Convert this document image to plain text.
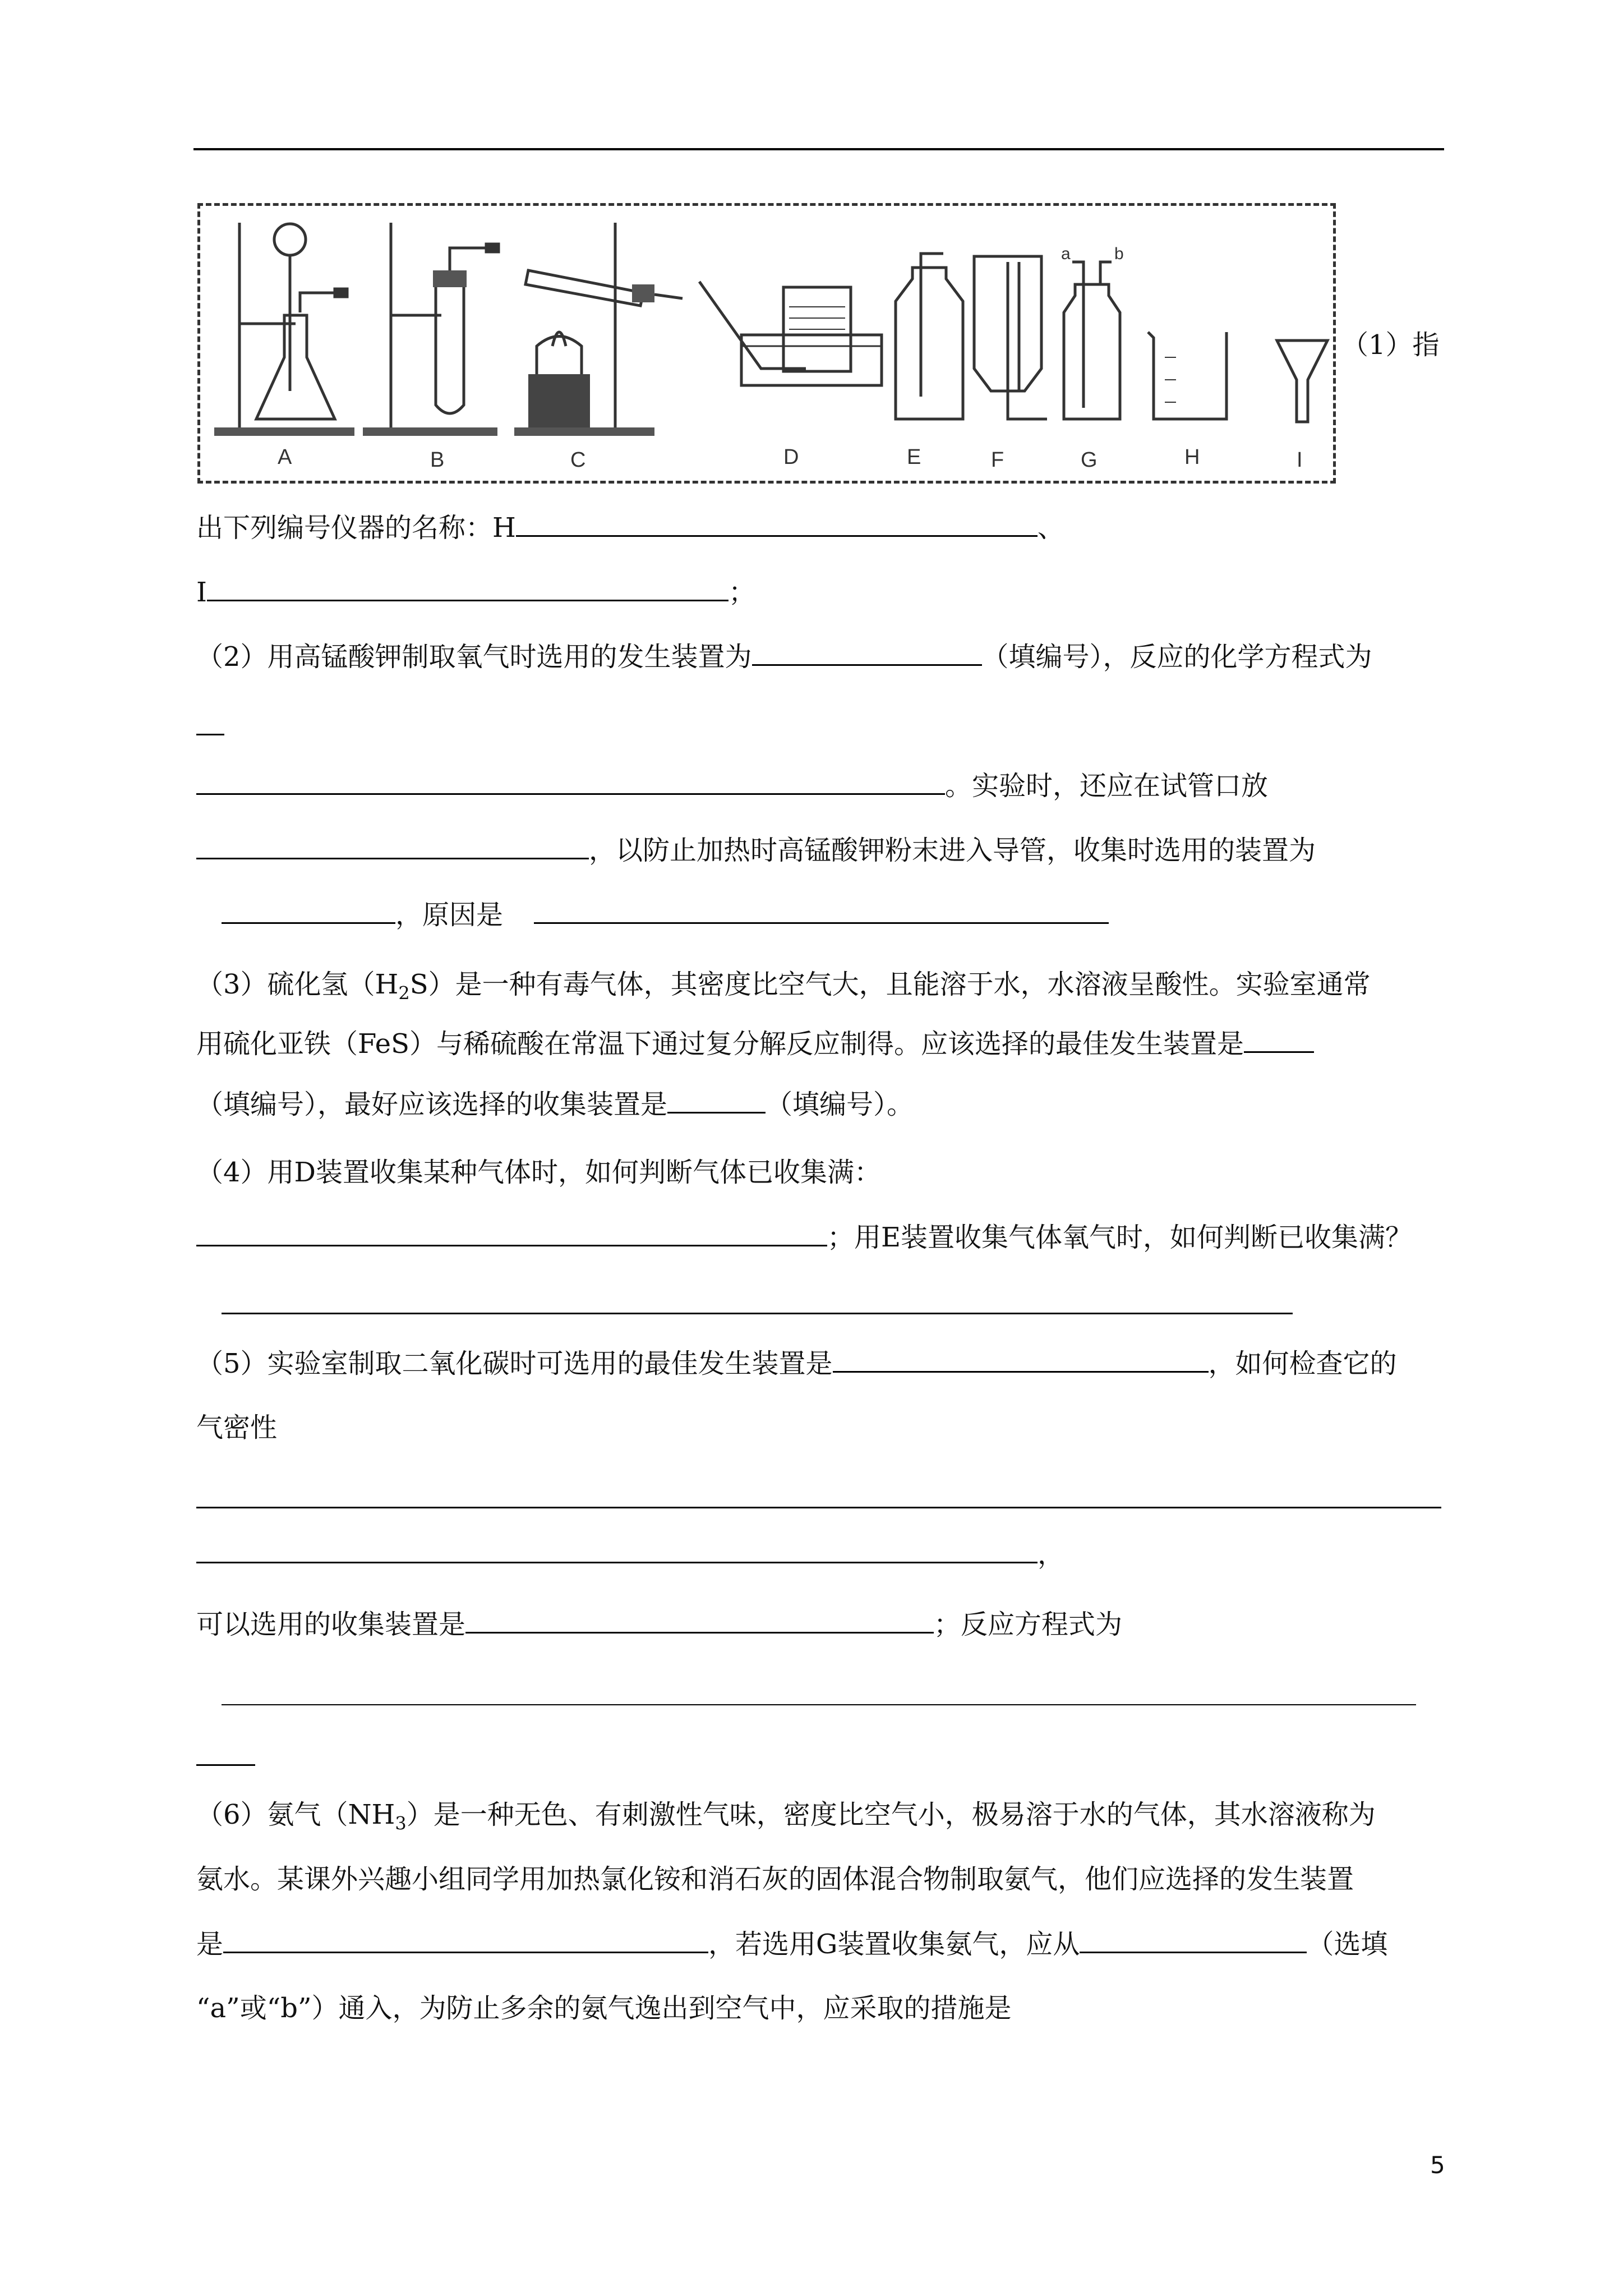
A	B	C	D	E	F	G	H	I
a	b
（1）指
出下列编号仪器的名称：H	、
I	；
（2）用高锰酸钾制取氧气时选用的发生装置为	（填编号），反应的化学方程式为
。实验时，还应在试管口放
，以防止加热时高锰酸钾粉末进入导管，收集时选用的装置为
，原因是
（3）硫化氢$(H_2S)$是一种有毒气体，其密度比空气大，且能溶于水，水溶液呈酸性。实验室通常
用硫化亚铁（FeS）与稀硫酸在常温下通过复分解反应制得。应该选择的最佳发生装置是
（填编号），最好应该选择的收集装置是	（填编号）。
（4）用D装置收集某种气体时，如何判断气体已收集满：
；用E装置收集气体氧气时，如何判断已收集满？
（5）实验室制取二氧化碳时可选用的最佳发生装置是	，如何检查它的
气密性
，
可以选用的收集装置是	；反应方程式为
（6）氨气$(NH_3)$是一种无色、有刺激性气味，密度比空气小，极易溶于水的气体，其水溶液称为
氨水。某课外兴趣小组同学用加热氯化铵和消石灰的固体混合物制取氨气，他们应选择的发生装置
是	，若选用G装置收集氨气，应从	（选填
“a”或“b”）通入，为防止多余的氨气逸出到空气中，应采取的措施是
5
